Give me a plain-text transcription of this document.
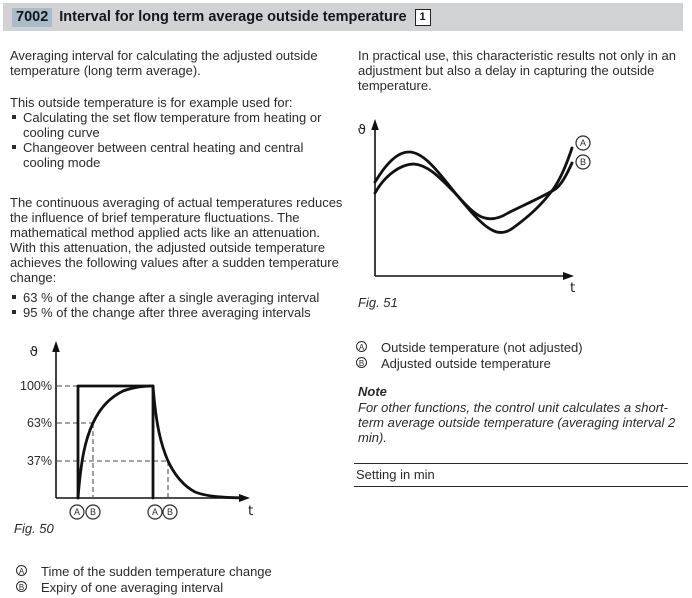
7002 Interval for long term average outside temperature	1
Averaging interval for calculating the adjusted outside temperature (long term average).
This outside temperature is for example used for:
Calculating the set flow temperature from heating or cooling curve
Changeover between central heating and central cooling mode
The continuous averaging of actual temperatures reduces the influence of brief temperature fluctuations. The mathematical method applied acts like an attenuation. With this attenuation, the adjusted outside temperature achieves the following values after a sudden temperature change:
63 % of the change after a single averaging interval
95 % of the change after three averaging intervals
ϑ
t
100%
63%
37%
A B	A B
Fig. 50
A Time of the sudden temperature change
B Expiry of one averaging interval
In practical use, this characteristic results not only in an adjustment but also a delay in capturing the outside temperature.
ϑ
t
A
B
Fig. 51
A Outside temperature (not adjusted)
B Adjusted outside temperature
Note
For other functions, the control unit calculates a short-term average outside temperature (averaging interval 2 min).
Setting in min
